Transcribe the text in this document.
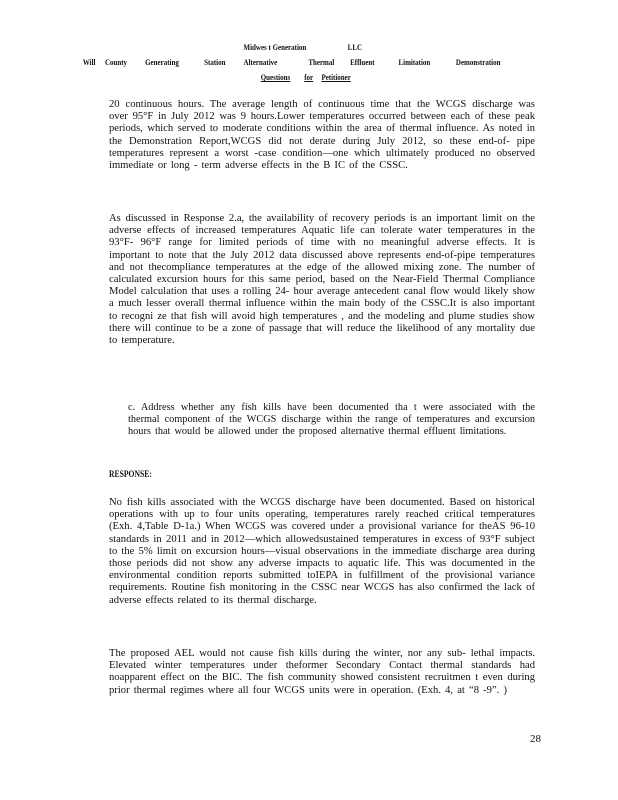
Midwes t Generation	LLC
Will County Generating	Station Alternative	Thermal Effluent	Limitation	Demonstration
Questions for Petitioner
20 continuous hours. The average length of continuous time that the WCGS discharge was over 95°F in July 2012 was 9 hours.Lower temperatures occurred between each of these peak periods, which served to moderate conditions within the area of thermal influence. As noted in the Demonstration Report,WCGS did not derate during July 2012, so these end-of- pipe temperatures represent a worst -case condition—one which ultimately produced no observed immediate or long - term adverse effects in the B IC of the CSSC.
As discussed in Response 2.a, the availability of recovery periods is an important limit on the adverse effects of increased temperatures Aquatic life can tolerate water temperatures in the 93°F- 96°F range for limited periods of time with no meaningful adverse effects. It is important to note that the July 2012 data discussed above represents end-of-pipe temperatures and not thecompliance temperatures at the edge of the allowed mixing zone. The number of calculated excursion hours for this same period, based on the Near-Field Thermal Compliance Model calculation that uses a rolling 24- hour average antecedent canal flow would likely show a much lesser overall thermal influence within the main body of the CSSC.It is also important to recogni ze that fish will avoid high temperatures , and the modeling and plume studies show there will continue to be a zone of passage that will reduce the likelihood of any mortality due to temperature.
c. Address whether any fish kills have been documented tha t were associated with the thermal component of the WCGS discharge within the range of temperatures and excursion hours that would be allowed under the proposed alternative thermal effluent limitations.
RESPONSE:
No fish kills associated with the WCGS discharge have been documented. Based on historical operations with up to four units operating, temperatures rarely reached critical temperatures (Exh. 4,Table D-1a.) When WCGS was covered under a provisional variance for theAS 96-10 standards in 2011 and in 2012—which allowedsustained temperatures in excess of 93°F subject to the 5% limit on excursion hours—visual observations in the immediate discharge area during those periods did not show any adverse impacts to aquatic life. This was documented in the environmental condition reports submitted toIEPA in fulfillment of the provisional variance requirements. Routine fish monitoring in the CSSC near WCGS has also confirmed the lack of adverse effects related to its thermal discharge.
The proposed AEL would not cause fish kills during the winter, nor any sub- lethal impacts. Elevated winter temperatures under theformer Secondary Contact thermal standards had noapparent effect on the BIC. The fish community showed consistent recruitmen t even during prior thermal regimes where all four WCGS units were in operation. (Exh. 4, at “8 -9”. )
28
